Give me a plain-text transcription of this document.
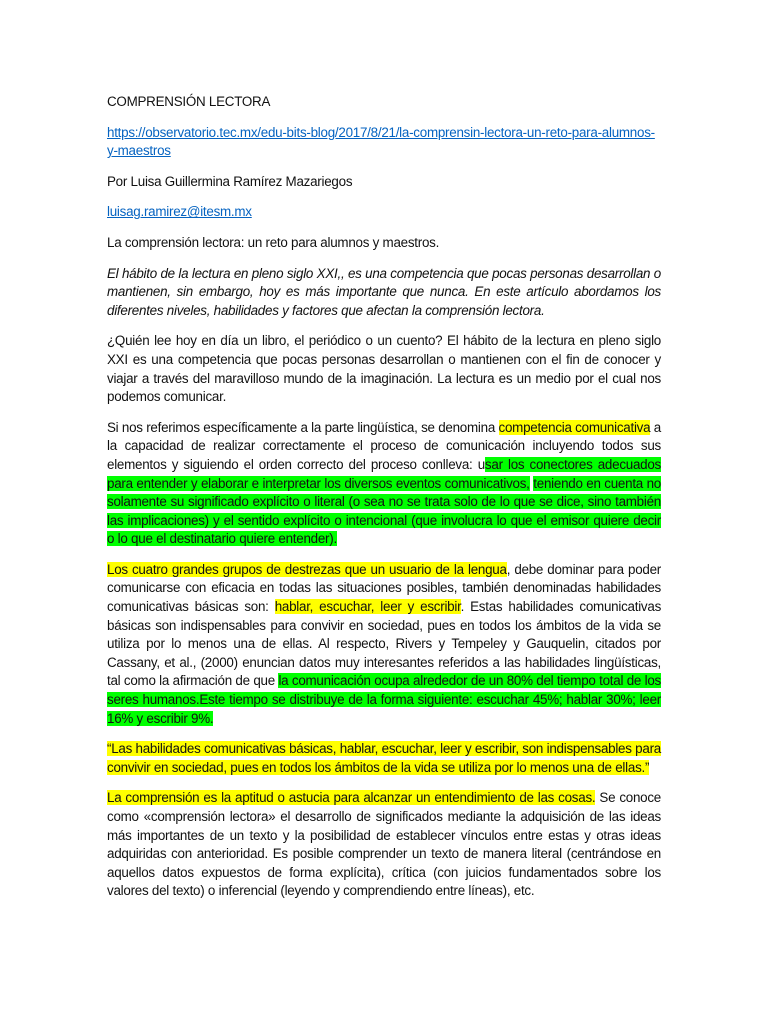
COMPRENSIÓN LECTORA

https://observatorio.tec.mx/edu-bits-blog/2017/8/21/la-comprensin-lectora-un-reto-para-alumnos-y-maestros

Por Luisa Guillermina Ramírez Mazariegos

luisag.ramirez@itesm.mx

La comprensión lectora: un reto para alumnos y maestros.

El hábito de la lectura en pleno siglo XXI,, es una competencia que pocas personas desarrollan o mantienen, sin embargo, hoy es más importante que nunca. En este artículo abordamos los diferentes niveles, habilidades y factores que afectan la comprensión lectora.

¿Quién lee hoy en día un libro, el periódico o un cuento? El hábito de la lectura en pleno siglo XXI es una competencia que pocas personas desarrollan o mantienen con el fin de conocer y viajar a través del maravilloso mundo de la imaginación. La lectura es un medio por el cual nos podemos comunicar.

Si nos referimos específicamente a la parte lingüística, se denomina competencia comunicativa a la capacidad de realizar correctamente el proceso de comunicación incluyendo todos sus elementos y siguiendo el orden correcto del proceso conlleva: usar los conectores adecuados para entender y elaborar e interpretar los diversos eventos comunicativos, teniendo en cuenta no solamente su significado explícito o literal (o sea no se trata solo de lo que se dice, sino también las implicaciones) y el sentido explícito o intencional (que involucra lo que el emisor quiere decir o lo que el destinatario quiere entender).

Los cuatro grandes grupos de destrezas que un usuario de la lengua, debe dominar para poder comunicarse con eficacia en todas las situaciones posibles, también denominadas habilidades comunicativas básicas son: hablar, escuchar, leer y escribir. Estas habilidades comunicativas básicas son indispensables para convivir en sociedad, pues en todos los ámbitos de la vida se utiliza por lo menos una de ellas. Al respecto, Rivers y Tempeley y Gauquelin, citados por Cassany, et al., (2000) enuncian datos muy interesantes referidos a las habilidades lingüísticas, tal como la afirmación de que la comunicación ocupa alrededor de un 80% del tiempo total de los seres humanos.Este tiempo se distribuye de la forma siguiente: escuchar 45%; hablar 30%; leer 16% y escribir 9%.

“Las habilidades comunicativas básicas, hablar, escuchar, leer y escribir, son indispensables para convivir en sociedad, pues en todos los ámbitos de la vida se utiliza por lo menos una de ellas.”

La comprensión es la aptitud o astucia para alcanzar un entendimiento de las cosas. Se conoce como «comprensión lectora» el desarrollo de significados mediante la adquisición de las ideas más importantes de un texto y la posibilidad de establecer vínculos entre estas y otras ideas adquiridas con anterioridad. Es posible comprender un texto de manera literal (centrándose en aquellos datos expuestos de forma explícita), crítica (con juicios fundamentados sobre los valores del texto) o inferencial (leyendo y comprendiendo entre líneas), etc.
